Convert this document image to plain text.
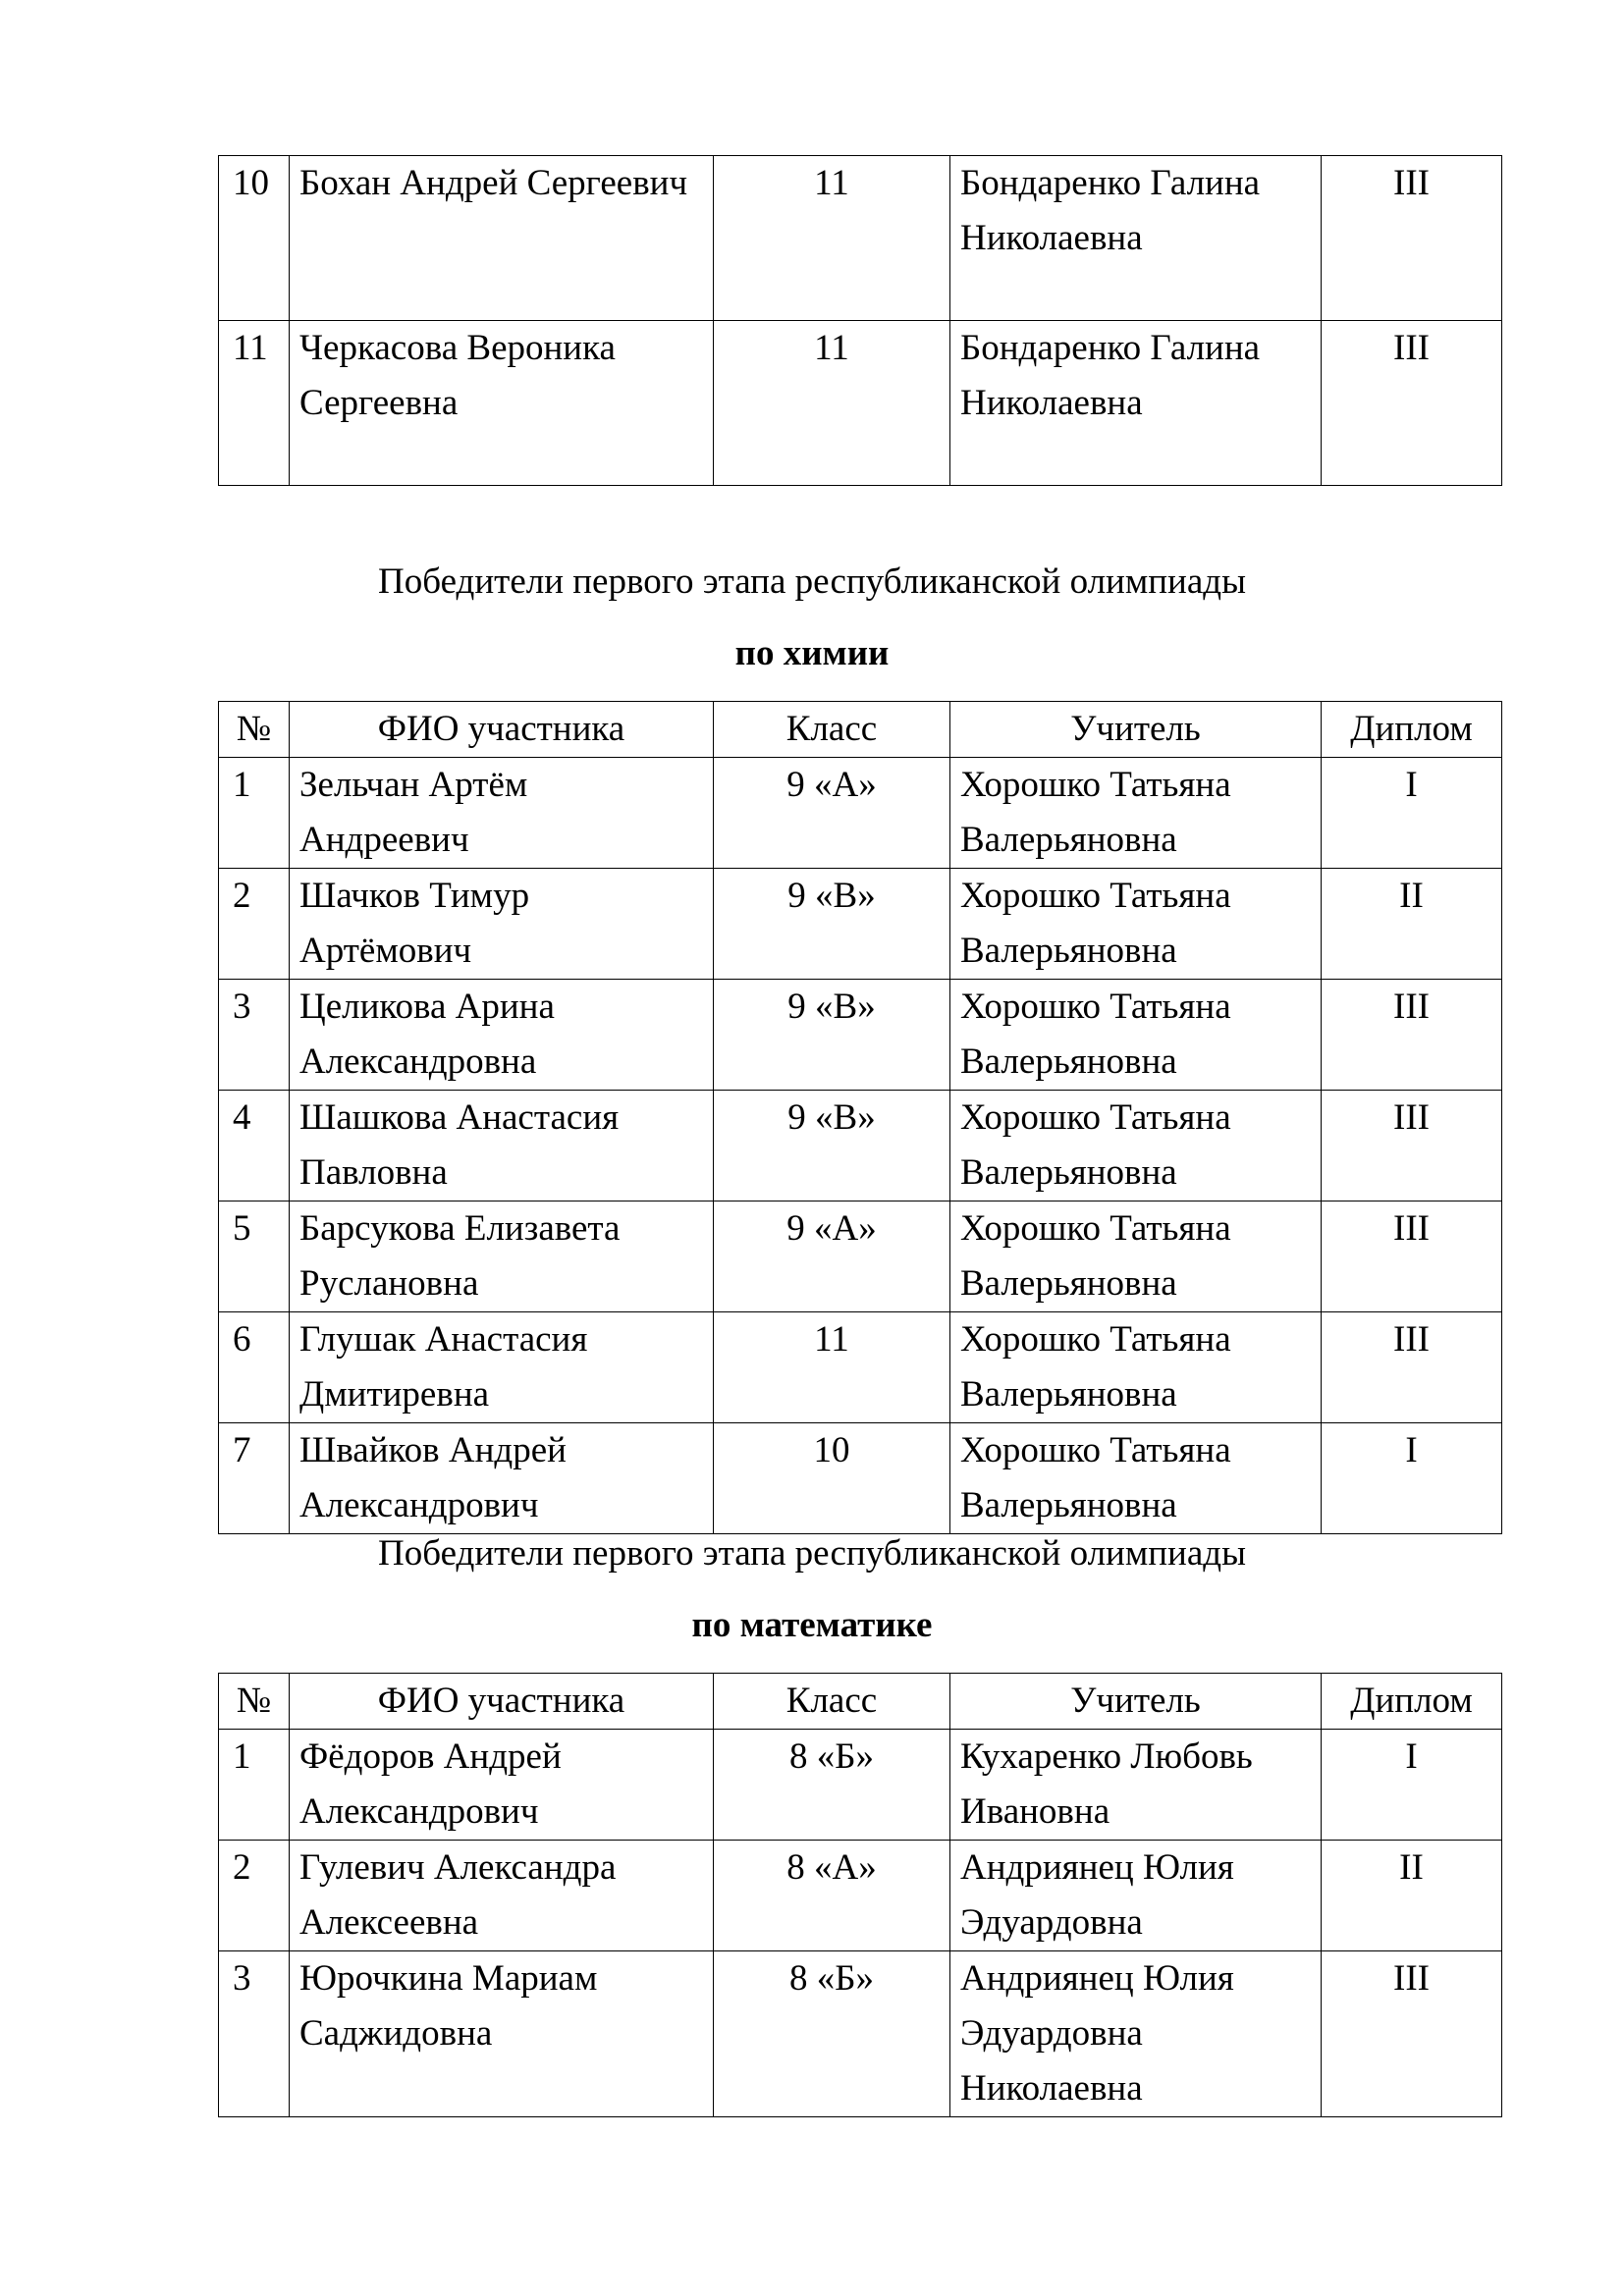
10	Бохан Андрей Сергеевич	11	Бондаренко Галина Николаевна	III
11	Черкасова Вероника Сергеевна	11	Бондаренко Галина Николаевна	III
Победители первого этапа республиканской олимпиады
по химии
№	ФИО участника	Класс	Учитель	Диплом
1	Зельчан Артём Андреевич	9 «А»	Хорошко Татьяна Валерьяновна	I
2	Шачков Тимур Артёмович	9 «В»	Хорошко Татьяна Валерьяновна	II
3	Целикова Арина Александровна	9 «В»	Хорошко Татьяна Валерьяновна	III
4	Шашкова Анастасия Павловна	9 «В»	Хорошко Татьяна Валерьяновна	III
5	Барсукова Елизавета Руслановна	9 «А»	Хорошко Татьяна Валерьяновна	III
6	Глушак Анастасия Дмитиревна	11	Хорошко Татьяна Валерьяновна	III
7	Швайков Андрей Александрович	10	Хорошко Татьяна Валерьяновна	I
Победители первого этапа республиканской олимпиады
по математике
№	ФИО участника	Класс	Учитель	Диплом
1	Фёдоров Андрей Александрович	8 «Б»	Кухаренко Любовь Ивановна	I
2	Гулевич Александра Алексеевна	8 «А»	Андриянец Юлия Эдуардовна	II
3	Юрочкина Мариам Саджидовна	8 «Б»	Андриянец Юлия Эдуардовна Николаевна	III
